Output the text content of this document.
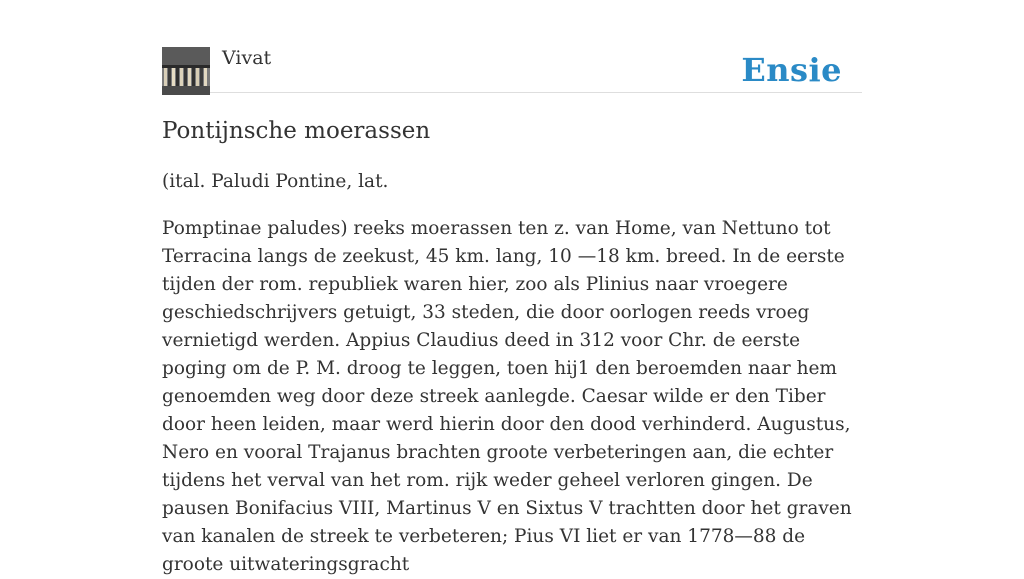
Vivat	Ensie
Pontijnsche moerassen

(ital. Paludi Pontine, lat.

Pomptinae paludes) reeks moerassen ten z. van Home, van Nettuno tot Terracina langs de zeekust, 45 km. lang, 10 —18 km. breed. In de eerste tijden der rom. republiek waren hier, zoo als Plinius naar vroegere geschiedschrijvers getuigt, 33 steden, die door oorlogen reeds vroeg vernietigd werden. Appius Claudius deed in 312 voor Chr. de eerste poging om de P. M. droog te leggen, toen hij1 den beroemden naar hem genoemden weg door deze streek aanlegde. Caesar wilde er den Tiber door heen leiden, maar werd hierin door den dood verhinderd. Augustus, Nero en vooral Trajanus brachten groote verbeteringen aan, die echter tijdens het verval van het rom. rijk weder geheel verloren gingen. De pausen Bonifacius VIII, Martinus V en Sixtus V trachtten door het graven van kanalen de streek te verbeteren; Pius VI liet er van 1778—88 de groote uitwateringsgracht
